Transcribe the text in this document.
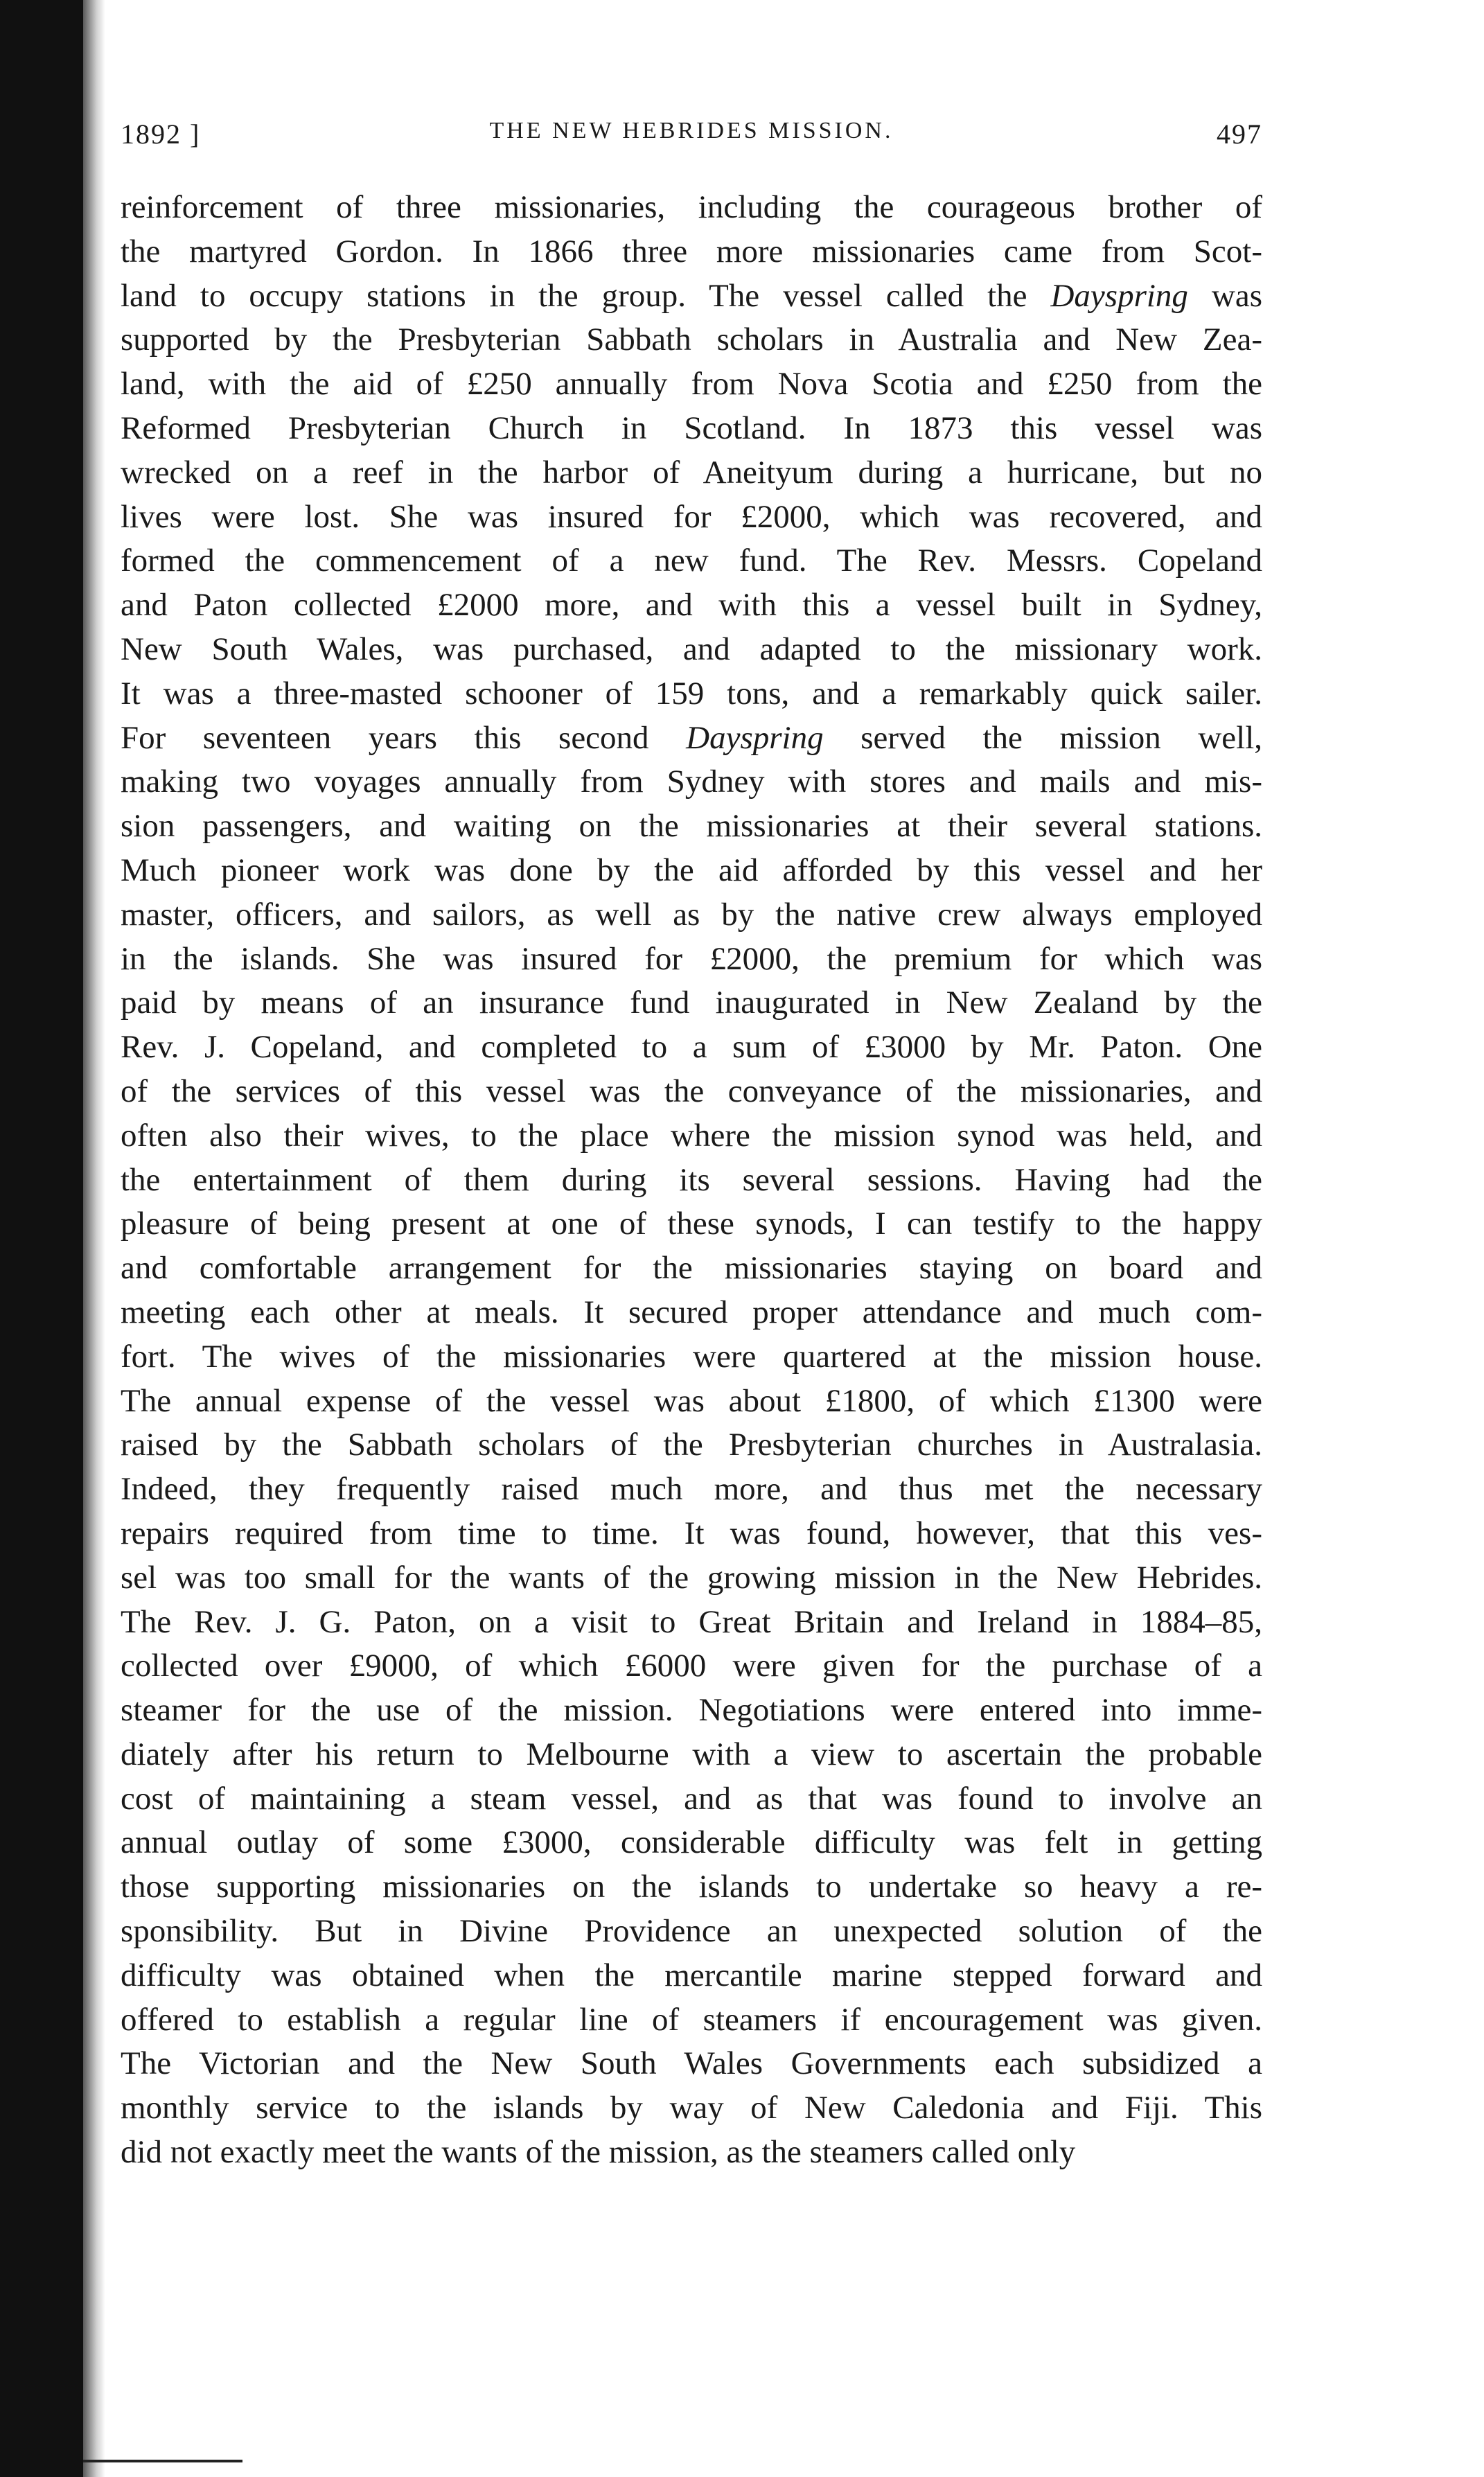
1892 ]	THE NEW HEBRIDES MISSION.	497
reinforcement of three missionaries, including the courageous brother of
the martyred Gordon. In 1866 three more missionaries came from Scot-
land to occupy stations in the group. The vessel called the Dayspring was
supported by the Presbyterian Sabbath scholars in Australia and New Zea-
land, with the aid of £250 annually from Nova Scotia and £250 from the
Reformed Presbyterian Church in Scotland. In 1873 this vessel was
wrecked on a reef in the harbor of Aneityum during a hurricane, but no
lives were lost. She was insured for £2000, which was recovered, and
formed the commencement of a new fund. The Rev. Messrs. Copeland
and Paton collected £2000 more, and with this a vessel built in Sydney,
New South Wales, was purchased, and adapted to the missionary work.
It was a three-masted schooner of 159 tons, and a remarkably quick sailer.
For seventeen years this second Dayspring served the mission well,
making two voyages annually from Sydney with stores and mails and mis-
sion passengers, and waiting on the missionaries at their several stations.
Much pioneer work was done by the aid afforded by this vessel and her
master, officers, and sailors, as well as by the native crew always employed
in the islands. She was insured for £2000, the premium for which was
paid by means of an insurance fund inaugurated in New Zealand by the
Rev. J. Copeland, and completed to a sum of £3000 by Mr. Paton. One
of the services of this vessel was the conveyance of the missionaries, and
often also their wives, to the place where the mission synod was held, and
the entertainment of them during its several sessions. Having had the
pleasure of being present at one of these synods, I can testify to the happy
and comfortable arrangement for the missionaries staying on board and
meeting each other at meals. It secured proper attendance and much com-
fort. The wives of the missionaries were quartered at the mission house.
The annual expense of the vessel was about £1800, of which £1300 were
raised by the Sabbath scholars of the Presbyterian churches in Australasia.
Indeed, they frequently raised much more, and thus met the necessary
repairs required from time to time. It was found, however, that this ves-
sel was too small for the wants of the growing mission in the New Hebrides.
The Rev. J. G. Paton, on a visit to Great Britain and Ireland in 1884–85,
collected over £9000, of which £6000 were given for the purchase of a
steamer for the use of the mission. Negotiations were entered into imme-
diately after his return to Melbourne with a view to ascertain the probable
cost of maintaining a steam vessel, and as that was found to involve an
annual outlay of some £3000, considerable difficulty was felt in getting
those supporting missionaries on the islands to undertake so heavy a re-
sponsibility. But in Divine Providence an unexpected solution of the
difficulty was obtained when the mercantile marine stepped forward and
offered to establish a regular line of steamers if encouragement was given.
The Victorian and the New South Wales Governments each subsidized a
monthly service to the islands by way of New Caledonia and Fiji. This
did not exactly meet the wants of the mission, as the steamers called only
